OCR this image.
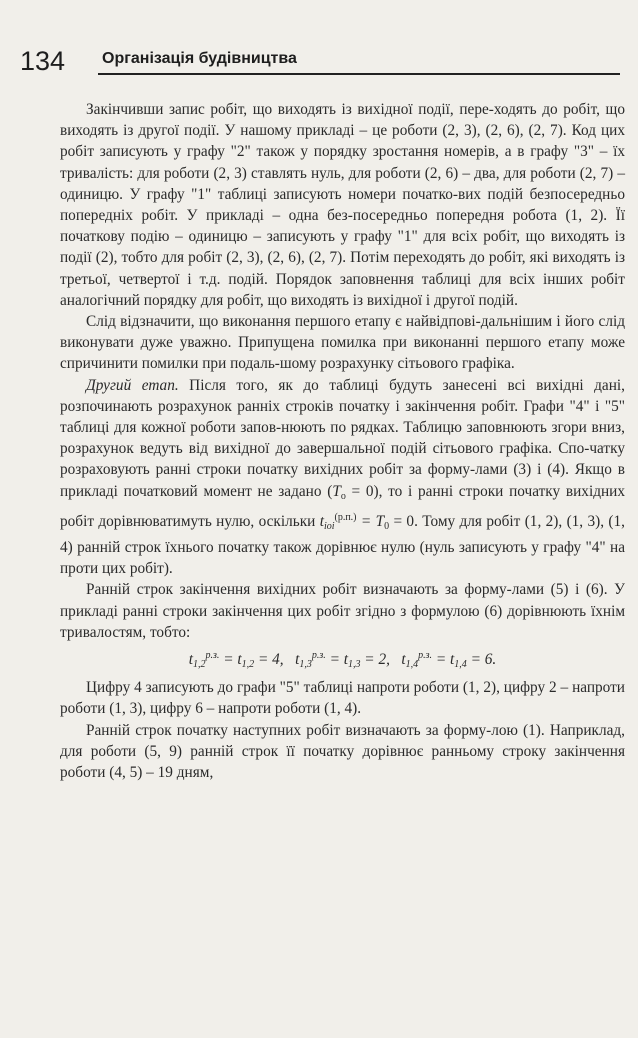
134 Організація будівництва

Закінчивши запис робіт, що виходять із вихідної події, пере-ходять до робіт, що виходять із другої події. У нашому прикладі – це роботи (2, 3), (2, 6), (2, 7). Код цих робіт записують у графу "2" також у порядку зростання номерів, а в графу "3" – їх тривалість: для роботи (2, 3) ставлять нуль, для роботи (2, 6) – два, для роботи (2, 7) – одиницю. У графу "1" таблиці записують номери початко-вих подій безпосередньо попередніх робіт. У прикладі – одна без-посередньо попередня робота (1, 2). Її початкову подію – одиницю – записують у графу "1" для всіх робіт, що виходять із події (2), тобто для робіт (2, 3), (2, 6), (2, 7). Потім переходять до робіт, які виходять із третьої, четвертої і т.д. подій. Порядок заповнення таблиці для всіх інших робіт аналогічний порядку для робіт, що виходять із вихідної і другої подій.

Слід відзначити, що виконання першого етапу є найвідпові-дальнішим і його слід виконувати дуже уважно. Припущена помилка при виконанні першого етапу може спричинити помилки при подаль-шому розрахунку сітьового графіка.

Другий етап. Після того, як до таблиці будуть занесені всі вихідні дані, розпочинають розрахунок ранніх строків початку і закінчення робіт. Графи "4" і "5" таблиці для кожної роботи запов-нюють по рядках. Таблицю заповнюють згори вниз, розрахунок ведуть від вихідної до завершальної подій сітьового графіка. Спо-чатку розраховують ранні строки початку вихідних робіт за форму-лами (3) і (4). Якщо в прикладі початковий момент не задано $(T_o = 0)$, то і ранні строки початку вихідних робіт дорівнюватимуть нулю, оскільки $t_{іоі}^{(р.п.)} = T_0 = 0$. Тому для робіт (1, 2), (1, 3), (1, 4) ранній строк їхнього початку також дорівнює нулю (нуль записують у графу "4" на проти цих робіт).

Ранній строк закінчення вихідних робіт визначають за форму-лами (5) і (6). У прикладі ранні строки закінчення цих робіт згідно з формулою (6) дорівнюють їхнім тривалостям, тобто:

$t_{1,2}^{р.з.} = t_{1,2} = 4$, $t_{1,3}^{р.з.} = t_{1,3} = 2$, $t_{1,4}^{р.з.} = t_{1,4} = 6$.

Цифру 4 записують до графи "5" таблиці напроти роботи (1, 2), цифру 2 – напроти роботи (1, 3), цифру 6 – напроти роботи (1, 4).

Ранній строк початку наступних робіт визначають за форму-лою (1). Наприклад, для роботи (5, 9) ранній строк її початку дорівнює ранньому строку закінчення роботи (4, 5) – 19 дням,
